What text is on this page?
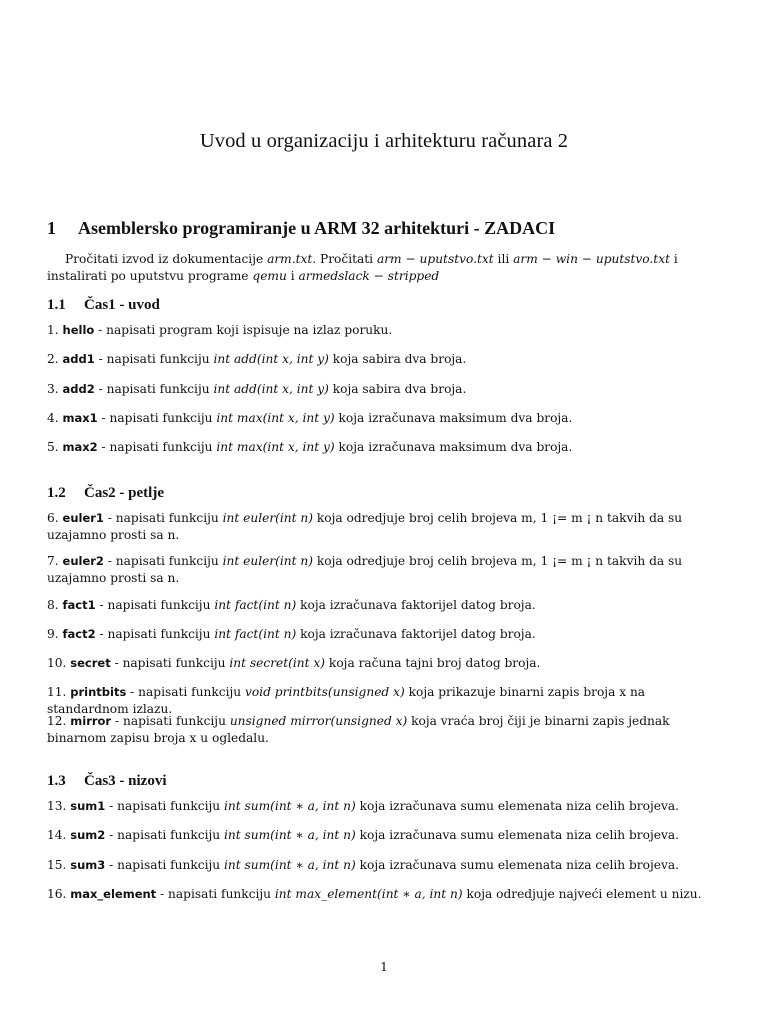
Uvod u organizaciju i arhitekturu računara 2
1 Asemblersko programiranje u ARM 32 arhitekturi - ZADACI
Pročitati izvod iz dokumentacije arm.txt. Pročitati arm − uputstvo.txt ili arm − win − uputstvo.txt i instalirati po uputstvu programe qemu i armedslack − stripped
1.1 Čas1 - uvod
1. hello - napisati program koji ispisuje na izlaz poruku.
2. add1 - napisati funkciju int add(int x, int y) koja sabira dva broja.
3. add2 - napisati funkciju int add(int x, int y) koja sabira dva broja.
4. max1 - napisati funkciju int max(int x, int y) koja izračunava maksimum dva broja.
5. max2 - napisati funkciju int max(int x, int y) koja izračunava maksimum dva broja.
1.2 Čas2 - petlje
6. euler1 - napisati funkciju int euler(int n) koja odredjuje broj celih brojeva m, 1 ¡= m ¡ n takvih da su uzajamno prosti sa n.
7. euler2 - napisati funkciju int euler(int n) koja odredjuje broj celih brojeva m, 1 ¡= m ¡ n takvih da su uzajamno prosti sa n.
8. fact1 - napisati funkciju int fact(int n) koja izračunava faktorijel datog broja.
9. fact2 - napisati funkciju int fact(int n) koja izračunava faktorijel datog broja.
10. secret - napisati funkciju int secret(int x) koja računa tajni broj datog broja.
11. printbits - napisati funkciju void printbits(unsigned x) koja prikazuje binarni zapis broja x na standardnom izlazu.
12. mirror - napisati funkciju unsigned mirror(unsigned x) koja vraća broj čiji je binarni zapis jednak binarnom zapisu broja x u ogledalu.
1.3 Čas3 - nizovi
13. sum1 - napisati funkciju int sum(int ∗ a, int n) koja izračunava sumu elemenata niza celih brojeva.
14. sum2 - napisati funkciju int sum(int ∗ a, int n) koja izračunava sumu elemenata niza celih brojeva.
15. sum3 - napisati funkciju int sum(int ∗ a, int n) koja izračunava sumu elemenata niza celih brojeva.
16. max_element - napisati funkciju int max_element(int ∗ a, int n) koja odredjuje najveći element u nizu.
1
